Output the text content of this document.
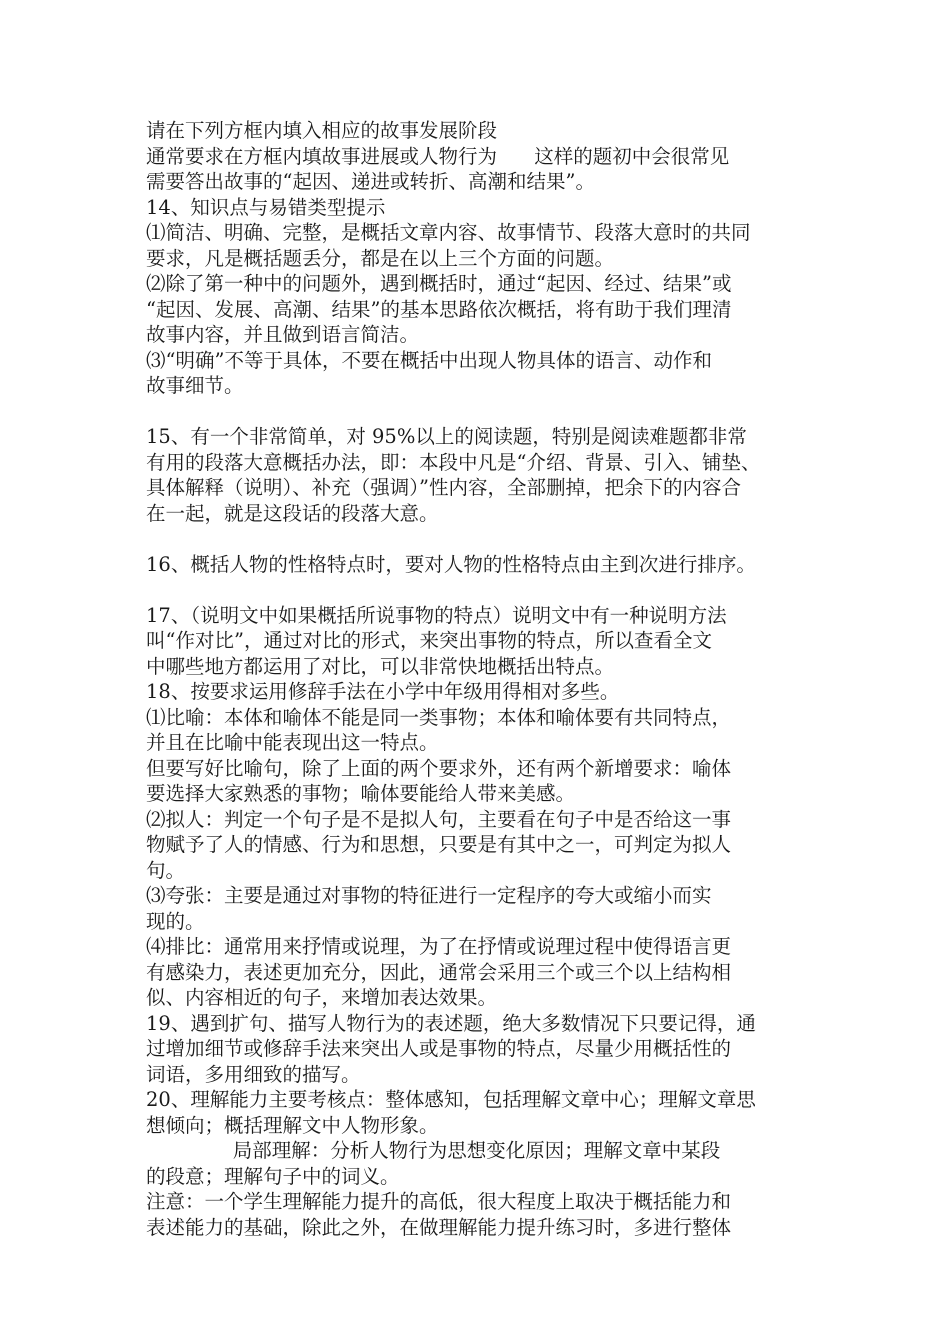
请在下列方框内填入相应的故事发展阶段
通常要求在方框内填故事进展或人物行为      这样的题初中会很常见
需要答出故事的“起因、递进或转折、高潮和结果”。
14、知识点与易错类型提示
⑴简洁、明确、完整，是概括文章内容、故事情节、段落大意时的共同
要求，凡是概括题丢分，都是在以上三个方面的问题。
⑵除了第一种中的问题外，遇到概括时，通过“起因、经过、结果”或
“起因、发展、高潮、结果”的基本思路依次概括，将有助于我们理清
故事内容，并且做到语言简洁。
⑶“明确”不等于具体，不要在概括中出现人物具体的语言、动作和
故事细节。
15、有一个非常简单，对 95%以上的阅读题，特别是阅读难题都非常
有用的段落大意概括办法，即：本段中凡是“介绍、背景、引入、铺垫、
具体解释（说明）、补充（强调）”性内容，全部删掉，把余下的内容合
在一起，就是这段话的段落大意。
16、概括人物的性格特点时，要对人物的性格特点由主到次进行排序。
17、（说明文中如果概括所说事物的特点）说明文中有一种说明方法
叫“作对比”，通过对比的形式，来突出事物的特点，所以查看全文
中哪些地方都运用了对比，可以非常快地概括出特点。
18、按要求运用修辞手法在小学中年级用得相对多些。
⑴比喻：本体和喻体不能是同一类事物；本体和喻体要有共同特点，
并且在比喻中能表现出这一特点。
但要写好比喻句，除了上面的两个要求外，还有两个新增要求：喻体
要选择大家熟悉的事物；喻体要能给人带来美感。
⑵拟人：判定一个句子是不是拟人句，主要看在句子中是否给这一事
物赋予了人的情感、行为和思想，只要是有其中之一，可判定为拟人
句。
⑶夸张：主要是通过对事物的特征进行一定程序的夸大或缩小而实
现的。
⑷排比：通常用来抒情或说理，为了在抒情或说理过程中使得语言更
有感染力，表述更加充分，因此，通常会采用三个或三个以上结构相
似、内容相近的句子，来增加表达效果。
19、遇到扩句、描写人物行为的表述题，绝大多数情况下只要记得，通
过增加细节或修辞手法来突出人或是事物的特点，尽量少用概括性的
词语，多用细致的描写。
20、理解能力主要考核点：整体感知，包括理解文章中心；理解文章思
想倾向；概括理解文中人物形象。
局部理解：分析人物行为思想变化原因；理解文章中某段
的段意；理解句子中的词义。
注意：一个学生理解能力提升的高低，很大程度上取决于概括能力和
表述能力的基础，除此之外，在做理解能力提升练习时，多进行整体
